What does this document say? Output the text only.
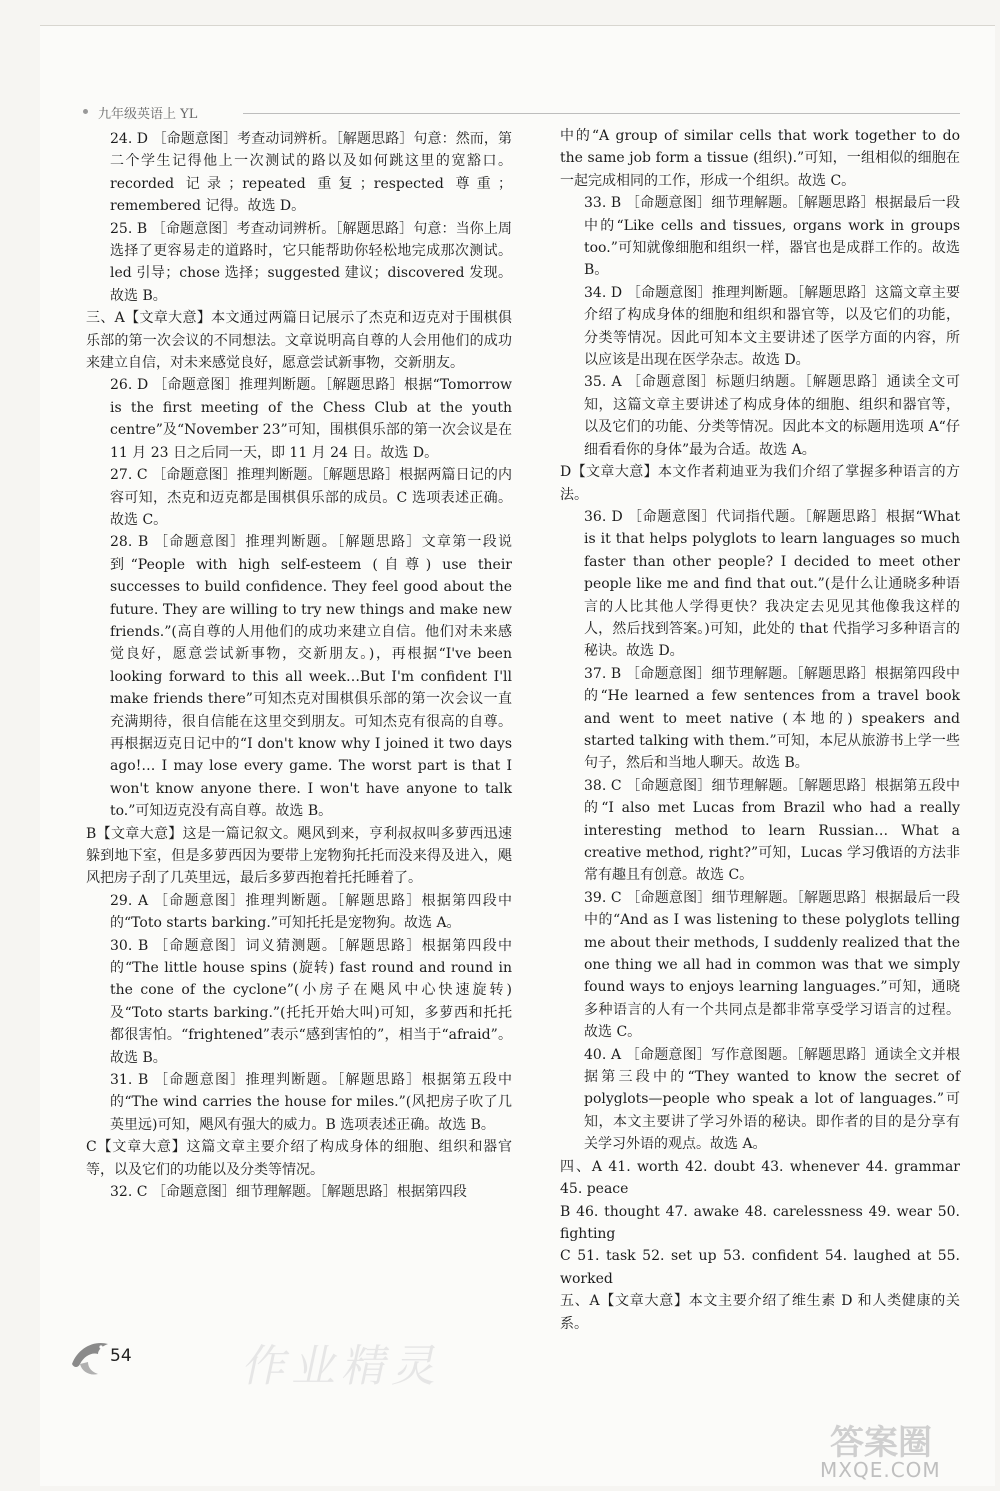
九年级英语上 YL

24. D ［命题意图］考查动词辨析。［解题思路］句意：然而，第二个学生记得他上一次测试的路以及如何跳这里的宽豁口。recorded 记录；repeated 重复；respected 尊重；remembered 记得。故选 D。

25. B ［命题意图］考查动词辨析。［解题思路］句意：当你上周选择了更容易走的道路时，它只能帮助你轻松地完成那次测试。led 引导；chose 选择；suggested 建议；discovered 发现。故选 B。

三、A【文章大意】本文通过两篇日记展示了杰克和迈克对于围棋俱乐部的第一次会议的不同想法。文章说明高自尊的人会用他们的成功来建立自信，对未来感觉良好，愿意尝试新事物，交新朋友。

26. D ［命题意图］推理判断题。［解题思路］根据“Tomorrow is the first meeting of the Chess Club at the youth centre”及“November 23”可知，围棋俱乐部的第一次会议是在 11 月 23 日之后同一天，即 11 月 24 日。故选 D。

27. C ［命题意图］推理判断题。［解题思路］根据两篇日记的内容可知，杰克和迈克都是围棋俱乐部的成员。C 选项表述正确。故选 C。

28. B ［命题意图］推理判断题。［解题思路］文章第一段说到“People with high self-esteem (自尊) use their successes to build confidence. They feel good about the future. They are willing to try new things and make new friends.”(高自尊的人用他们的成功来建立自信。他们对未来感觉良好，愿意尝试新事物，交新朋友。)，再根据“I've been looking forward to this all week…But I'm confident I'll make friends there”可知杰克对围棋俱乐部的第一次会议一直充满期待，很自信能在这里交到朋友。可知杰克有很高的自尊。再根据迈克日记中的“I don't know why I joined it two days ago!… I may lose every game. The worst part is that I won't know anyone there. I won't have anyone to talk to.”可知迈克没有高自尊。故选 B。

B【文章大意】这是一篇记叙文。飓风到来，亨利叔叔叫多萝西迅速躲到地下室，但是多萝西因为要带上宠物狗托托而没来得及进入，飓风把房子刮了几英里远，最后多萝西抱着托托睡着了。

29. A ［命题意图］推理判断题。［解题思路］根据第四段中的“Toto starts barking.”可知托托是宠物狗。故选 A。

30. B ［命题意图］词义猜测题。［解题思路］根据第四段中的“The little house spins (旋转) fast round and round in the cone of the cyclone”(小房子在飓风中心快速旋转)及“Toto starts barking.”(托托开始大叫)可知，多萝西和托托都很害怕。“frightened”表示“感到害怕的”，相当于“afraid”。故选 B。

31. B ［命题意图］推理判断题。［解题思路］根据第五段中的“The wind carries the house for miles.”(风把房子吹了几英里远)可知，飓风有强大的威力。B 选项表述正确。故选 B。

C【文章大意】这篇文章主要介绍了构成身体的细胞、组织和器官等，以及它们的功能以及分类等情况。

32. C ［命题意图］细节理解题。［解题思路］根据第四段

中的“A group of similar cells that work together to do the same job form a tissue (组织).”可知，一组相似的细胞在一起完成相同的工作，形成一个组织。故选 C。

33. B ［命题意图］细节理解题。［解题思路］根据最后一段中的“Like cells and tissues, organs work in groups too.”可知就像细胞和组织一样，器官也是成群工作的。故选 B。

34. D ［命题意图］推理判断题。［解题思路］这篇文章主要介绍了构成身体的细胞和组织和器官等，以及它们的功能，分类等情况。因此可知本文主要讲述了医学方面的内容，所以应该是出现在医学杂志。故选 D。

35. A ［命题意图］标题归纳题。［解题思路］通读全文可知，这篇文章主要讲述了构成身体的细胞、组织和器官等，以及它们的功能、分类等情况。因此本文的标题用选项 A“仔细看看你的身体”最为合适。故选 A。

D【文章大意】本文作者莉迪亚为我们介绍了掌握多种语言的方法。

36. D ［命题意图］代词指代题。［解题思路］根据“What is it that helps polyglots to learn languages so much faster than other people? I decided to meet other people like me and find that out.”(是什么让通晓多种语言的人比其他人学得更快？我决定去见见其他像我这样的人，然后找到答案。)可知，此处的 that 代指学习多种语言的秘诀。故选 D。

37. B ［命题意图］细节理解题。［解题思路］根据第四段中的“He learned a few sentences from a travel book and went to meet native (本地的) speakers and started talking with them.”可知，本尼从旅游书上学一些句子，然后和当地人聊天。故选 B。

38. C ［命题意图］细节理解题。［解题思路］根据第五段中的“I also met Lucas from Brazil who had a really interesting method to learn Russian… What a creative method, right?”可知，Lucas 学习俄语的方法非常有趣且有创意。故选 C。

39. C ［命题意图］细节理解题。［解题思路］根据最后一段中的“And as I was listening to these polyglots telling me about their methods, I suddenly realized that the one thing we all had in common was that we simply found ways to enjoys learning languages.”可知，通晓多种语言的人有一个共同点是都非常享受学习语言的过程。故选 C。

40. A ［命题意图］写作意图题。［解题思路］通读全文并根据第三段中的“They wanted to know the secret of polyglots—people who speak a lot of languages.”可知，本文主要讲了学习外语的秘诀。即作者的目的是分享有关学习外语的观点。故选 A。

四、A 41. worth 42. doubt 43. whenever 44. grammar 45. peace

B 46. thought 47. awake 48. carelessness 49. wear 50. fighting

C 51. task 52. set up 53. confident 54. laughed at 55. worked

五、A【文章大意】本文主要介绍了维生素 D 和人类健康的关系。

54 作业精灵
答案圈
MXQE.COM
